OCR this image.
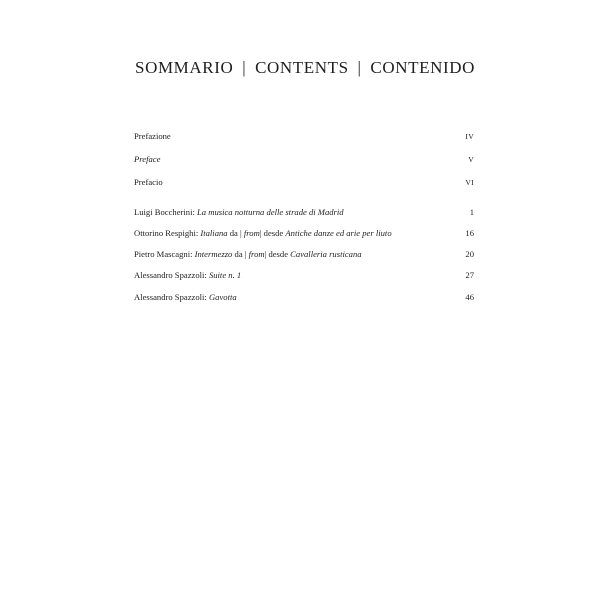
SOMMARIO | CONTENTS | CONTENIDO
Prefazione	IV
Preface	V
Prefacio	VI
Luigi Boccherini: La musica notturna delle strade di Madrid	1
Ottorino Respighi: Italiana da | from| desde Antiche danze ed arie per liuto	16
Pietro Mascagni: Intermezzo da | from| desde Cavalleria rusticana	20
Alessandro Spazzoli: Suite n. 1	27
Alessandro Spazzoli: Gavotta	46
